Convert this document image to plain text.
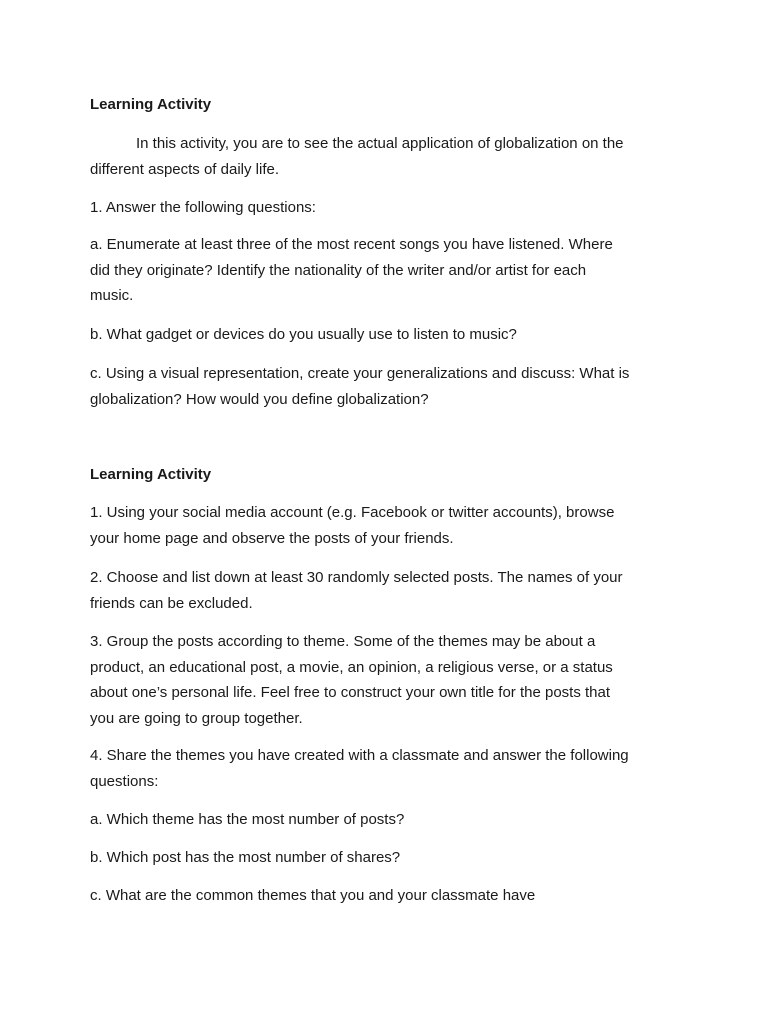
Learning Activity

In this activity, you are to see the actual application of globalization on the
different aspects of daily life.

1. Answer the following questions:

a. Enumerate at least three of the most recent songs you have listened. Where
did they originate? Identify the nationality of the writer and/or artist for each
music.

b. What gadget or devices do you usually use to listen to music?

c. Using a visual representation, create your generalizations and discuss: What is
globalization? How would you define globalization?

Learning Activity

1. Using your social media account (e.g. Facebook or twitter accounts), browse
your home page and observe the posts of your friends.

2. Choose and list down at least 30 randomly selected posts. The names of your
friends can be excluded.

3. Group the posts according to theme. Some of the themes may be about a
product, an educational post, a movie, an opinion, a religious verse, or a status
about one’s personal life. Feel free to construct your own title for the posts that
you are going to group together.

4. Share the themes you have created with a classmate and answer the following
questions:

a. Which theme has the most number of posts?

b. Which post has the most number of shares?

c. What are the common themes that you and your classmate have
